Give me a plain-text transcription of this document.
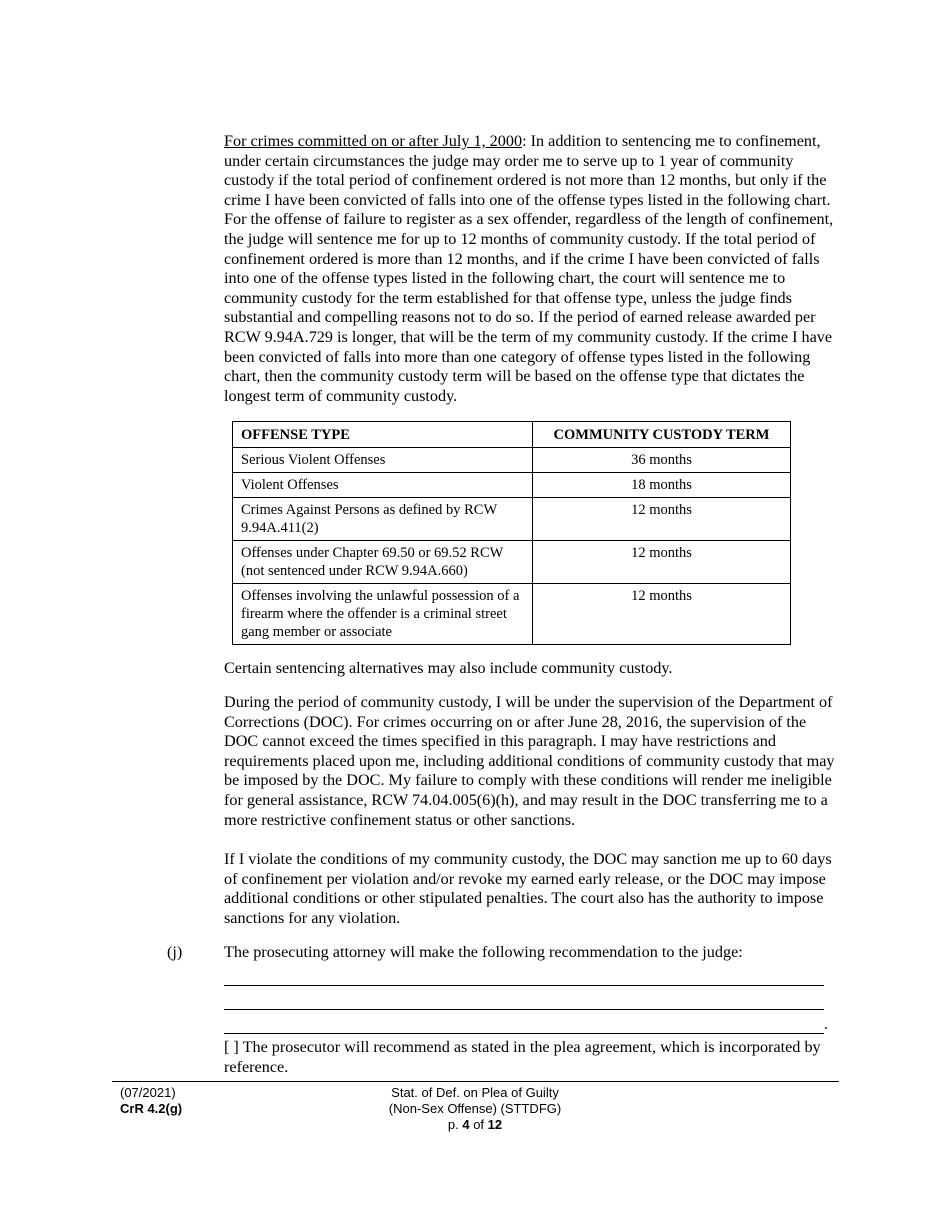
For crimes committed on or after July 1, 2000: In addition to sentencing me to confinement, under certain circumstances the judge may order me to serve up to 1 year of community custody if the total period of confinement ordered is not more than 12 months, but only if the crime I have been convicted of falls into one of the offense types listed in the following chart. For the offense of failure to register as a sex offender, regardless of the length of confinement, the judge will sentence me for up to 12 months of community custody. If the total period of confinement ordered is more than 12 months, and if the crime I have been convicted of falls into one of the offense types listed in the following chart, the court will sentence me to community custody for the term established for that offense type, unless the judge finds substantial and compelling reasons not to do so. If the period of earned release awarded per RCW 9.94A.729 is longer, that will be the term of my community custody. If the crime I have been convicted of falls into more than one category of offense types listed in the following chart, then the community custody term will be based on the offense type that dictates the longest term of community custody.

OFFENSE TYPE	COMMUNITY CUSTODY TERM
Serious Violent Offenses	36 months
Violent Offenses	18 months
Crimes Against Persons as defined by RCW 9.94A.411(2)	12 months
Offenses under Chapter 69.50 or 69.52 RCW (not sentenced under RCW 9.94A.660)	12 months
Offenses involving the unlawful possession of a firearm where the offender is a criminal street gang member or associate	12 months

Certain sentencing alternatives may also include community custody.

During the period of community custody, I will be under the supervision of the Department of Corrections (DOC). For crimes occurring on or after June 28, 2016, the supervision of the DOC cannot exceed the times specified in this paragraph. I may have restrictions and requirements placed upon me, including additional conditions of community custody that may be imposed by the DOC. My failure to comply with these conditions will render me ineligible for general assistance, RCW 74.04.005(6)(h), and may result in the DOC transferring me to a more restrictive confinement status or other sanctions.

If I violate the conditions of my community custody, the DOC may sanction me up to 60 days of confinement per violation and/or revoke my earned early release, or the DOC may impose additional conditions or other stipulated penalties. The court also has the authority to impose sanctions for any violation.

(j)	The prosecuting attorney will make the following recommendation to the judge:

.

[ ] The prosecutor will recommend as stated in the plea agreement, which is incorporated by reference.

(07/2021)
CrR 4.2(g)
Stat. of Def. on Plea of Guilty
(Non-Sex Offense) (STTDFG)
p. 4 of 12
